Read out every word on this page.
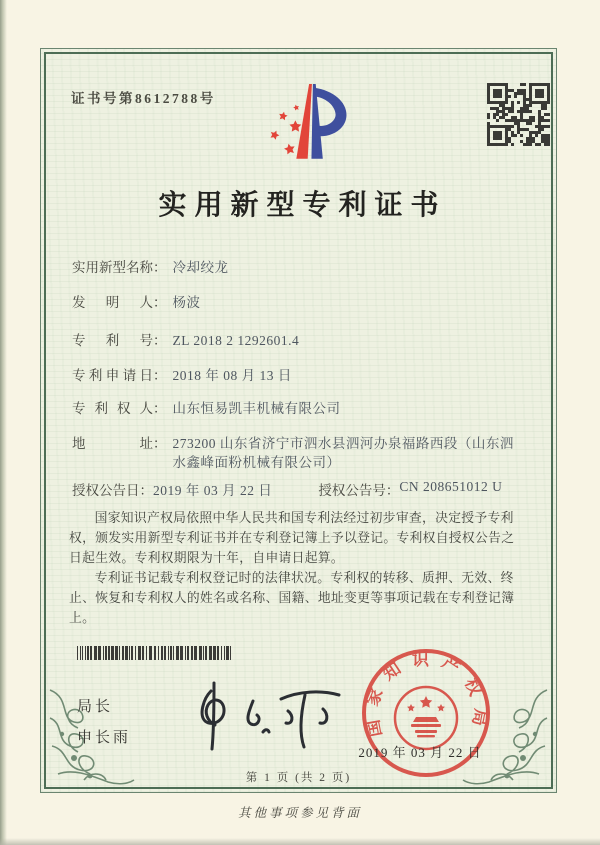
证书号第8612788号
实用新型专利证书
实用新型名称 ： 冷却绞龙
发明人 ： 杨波
专利号 ： ZL 2018 2 1292601.4
专利申请日 ： 2018 年 08 月 13 日
专利权人 ： 山东恒易凯丰机械有限公司
地址 ： 273200 山东省济宁市泗水县泗河办泉福路西段（山东泗水鑫峰面粉机械有限公司）
授权公告日 ： 2019 年 03 月 22 日	授权公告号 ： CN 208651012 U

国家知识产权局依照中华人民共和国专利法经过初步审查，决定授予专利权，颁发实用新型专利证书并在专利登记簿上予以登记。专利权自授权公告之日起生效。专利权期限为十年，自申请日起算。

专利证书记载专利权登记时的法律状况。专利权的转移、质押、无效、终止、恢复和专利权人的姓名或名称、国籍、地址变更等事项记载在专利登记簿上。

局长
申长雨	国家知识产权局
2019 年 03 月 22 日
第 1 页 (共 2 页)
其他事项参见背面
